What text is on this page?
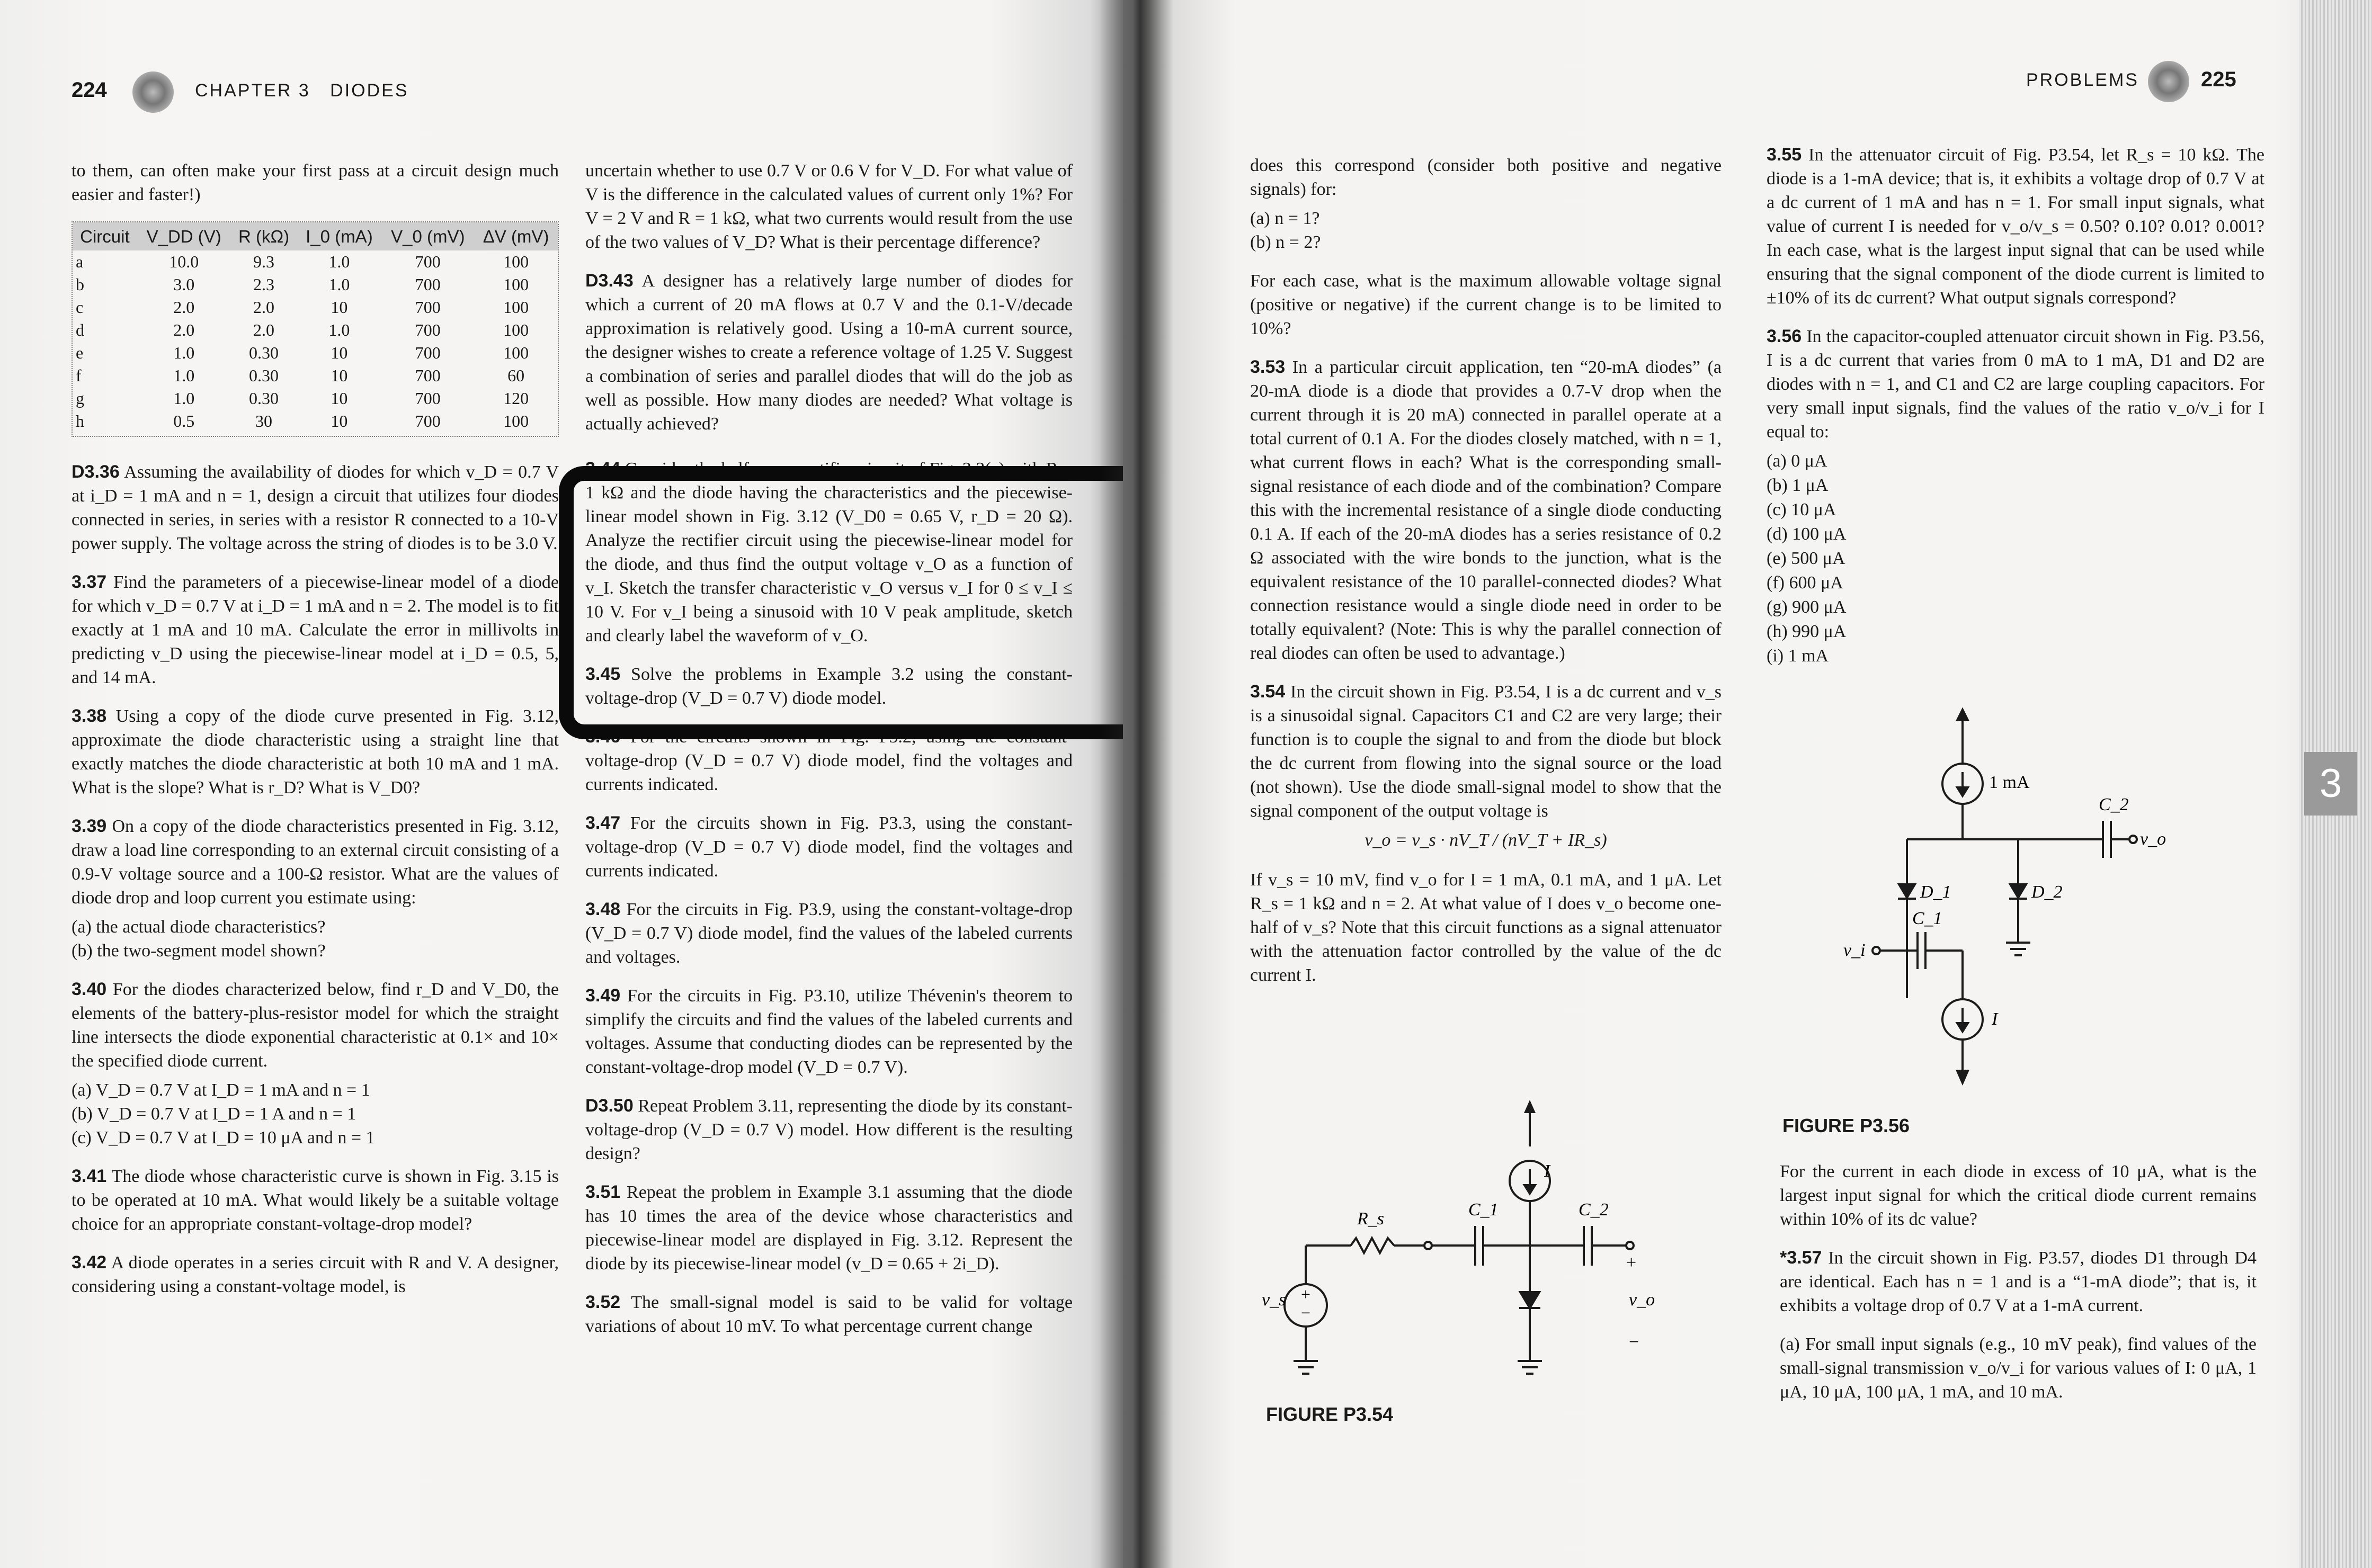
224	CHAPTER 3 DIODES

to them, can often make your first pass at a circuit design much easier and faster!)

Circuit	V_DD (V)	R (kΩ)	I_0 (mA)	V_0 (mV)	ΔV (mV)
a	10.0	9.3	1.0	700	100
b	3.0	2.3	1.0	700	100
c	2.0	2.0	10	700	100
d	2.0	2.0	1.0	700	100
e	1.0	0.30	10	700	100
f	1.0	0.30	10	700	60
g	1.0	0.30	10	700	120
h	0.5	30	10	700	100

D3.36 Assuming the availability of diodes for which v_D = 0.7 V at i_D = 1 mA and n = 1, design a circuit that utilizes four diodes connected in series, in series with a resistor R connected to a 10-V power supply. The voltage across the string of diodes is to be 3.0 V.

3.37 Find the parameters of a piecewise-linear model of a diode for which v_D = 0.7 V at i_D = 1 mA and n = 2. The model is to fit exactly at 1 mA and 10 mA. Calculate the error in millivolts in predicting v_D using the piecewise-linear model at i_D = 0.5, 5, and 14 mA.

3.38 Using a copy of the diode curve presented in Fig. 3.12, approximate the diode characteristic using a straight line that exactly matches the diode characteristic at both 10 mA and 1 mA. What is the slope? What is r_D? What is V_D0?

3.39 On a copy of the diode characteristics presented in Fig. 3.12, draw a load line corresponding to an external circuit consisting of a 0.9-V voltage source and a 100-Ω resistor. What are the values of diode drop and loop current you estimate using:

(a) the actual diode characteristics?
(b) the two-segment model shown?

3.40 For the diodes characterized below, find r_D and V_D0, the elements of the battery-plus-resistor model for which the straight line intersects the diode exponential characteristic at 0.1× and 10× the specified diode current.

(a) V_D = 0.7 V at I_D = 1 mA and n = 1
(b) V_D = 0.7 V at I_D = 1 A and n = 1
(c) V_D = 0.7 V at I_D = 10 μA and n = 1

3.41 The diode whose characteristic curve is shown in Fig. 3.15 is to be operated at 10 mA. What would likely be a suitable voltage choice for an appropriate constant-voltage-drop model?

3.42 A diode operates in a series circuit with R and V. A designer, considering using a constant-voltage model, is

uncertain whether to use 0.7 V or 0.6 V for V_D. For what value of V is the difference in the calculated values of current only 1%? For V = 2 V and R = 1 kΩ, what two currents would result from the use of the two values of V_D? What is their percentage difference?

D3.43 A designer has a relatively large number of diodes for which a current of 20 mA flows at 0.7 V and the 0.1-V/decade approximation is relatively good. Using a 10-mA current source, the designer wishes to create a reference voltage of 1.25 V. Suggest a combination of series and parallel diodes that will do the job as well as possible. How many diodes are needed? What voltage is actually achieved?

3.44 Consider the half-wave rectifier circuit of Fig. 3.3(a) with R = 1 kΩ and the diode having the characteristics and the piecewise-linear model shown in Fig. 3.12 (V_D0 = 0.65 V, r_D = 20 Ω). Analyze the rectifier circuit using the piecewise-linear model for the diode, and thus find the output voltage v_O as a function of v_I. Sketch the transfer characteristic v_O versus v_I for 0 ≤ v_I ≤ 10 V. For v_I being a sinusoid with 10 V peak amplitude, sketch and clearly label the waveform of v_O.

3.45 Solve the problems in Example 3.2 using the constant-voltage-drop (V_D = 0.7 V) diode model.

3.46 For the circuits shown in Fig. P3.2, using the constant-voltage-drop (V_D = 0.7 V) diode model, find the voltages and currents indicated.

3.47 For the circuits shown in Fig. P3.3, using the constant-voltage-drop (V_D = 0.7 V) diode model, find the voltages and currents indicated.

3.48 For the circuits in Fig. P3.9, using the constant-voltage-drop (V_D = 0.7 V) diode model, find the values of the labeled currents and voltages.

3.49 For the circuits in Fig. P3.10, utilize Thévenin's theorem to simplify the circuits and find the values of the labeled currents and voltages. Assume that conducting diodes can be represented by the constant-voltage-drop model (V_D = 0.7 V).

D3.50 Repeat Problem 3.11, representing the diode by its constant-voltage-drop (V_D = 0.7 V) model. How different is the resulting design?

3.51 Repeat the problem in Example 3.1 assuming that the diode has 10 times the area of the device whose characteristics and piecewise-linear model are displayed in Fig. 3.12. Represent the diode by its piecewise-linear model (v_D = 0.65 + 2i_D).

3.52 The small-signal model is said to be valid for voltage variations of about 10 mV. To what percentage current change

PROBLEMS	225

does this correspond (consider both positive and negative signals) for:

(a) n = 1?
(b) n = 2?

For each case, what is the maximum allowable voltage signal (positive or negative) if the current change is to be limited to 10%?

3.53 In a particular circuit application, ten “20-mA diodes” (a 20-mA diode is a diode that provides a 0.7-V drop when the current through it is 20 mA) connected in parallel operate at a total current of 0.1 A. For the diodes closely matched, with n = 1, what current flows in each? What is the corresponding small-signal resistance of each diode and of the combination? Compare this with the incremental resistance of a single diode conducting 0.1 A. If each of the 20-mA diodes has a series resistance of 0.2 Ω associated with the wire bonds to the junction, what is the equivalent resistance of the 10 parallel-connected diodes? What connection resistance would a single diode need in order to be totally equivalent? (Note: This is why the parallel connection of real diodes can often be used to advantage.)

3.54 In the circuit shown in Fig. P3.54, I is a dc current and v_s is a sinusoidal signal. Capacitors C1 and C2 are very large; their function is to couple the signal to and from the diode but block the dc current from flowing into the signal source or the load (not shown). Use the diode small-signal model to show that the signal component of the output voltage is

v_o = v_s · nV_T / (nV_T + IR_s)

If v_s = 10 mV, find v_o for I = 1 mA, 0.1 mA, and 1 μA. Let R_s = 1 kΩ and n = 2. At what value of I does v_o become one-half of v_s? Note that this circuit functions as a signal attenuator with the attenuation factor controlled by the value of the dc current I.

+
−
I
R_s	C_1	C_2
v_s
+
v_o
−
FIGURE P3.54

3.55 In the attenuator circuit of Fig. P3.54, let R_s = 10 kΩ. The diode is a 1-mA device; that is, it exhibits a voltage drop of 0.7 V at a dc current of 1 mA and has n = 1. For small input signals, what value of current I is needed for v_o/v_s = 0.50? 0.10? 0.01? 0.001? In each case, what is the largest input signal that can be used while ensuring that the signal component of the diode current is limited to ±10% of its dc current? What output signals correspond?

3.56 In the capacitor-coupled attenuator circuit shown in Fig. P3.56, I is a dc current that varies from 0 mA to 1 mA, D1 and D2 are diodes with n = 1, and C1 and C2 are large coupling capacitors. For very small input signals, find the values of the ratio v_o/v_i for I equal to:

(a) 0 μA
(b) 1 μA
(c) 10 μA
(d) 100 μA
(e) 500 μA
(f) 600 μA
(g) 900 μA
(h) 990 μA
(i) 1 mA
1 mA
C_2
v_o
D_1	D_2
C_1
v_i
I
FIGURE P3.56

For the current in each diode in excess of 10 μA, what is the largest input signal for which the critical diode current remains within 10% of its dc value?

*3.57 In the circuit shown in Fig. P3.57, diodes D1 through D4 are identical. Each has n = 1 and is a “1-mA diode”; that is, it exhibits a voltage drop of 0.7 V at a 1-mA current.

(a) For small input signals (e.g., 10 mV peak), find values of the small-signal transmission v_o/v_i for various values of I: 0 μA, 1 μA, 10 μA, 100 μA, 1 mA, and 10 mA.

3
